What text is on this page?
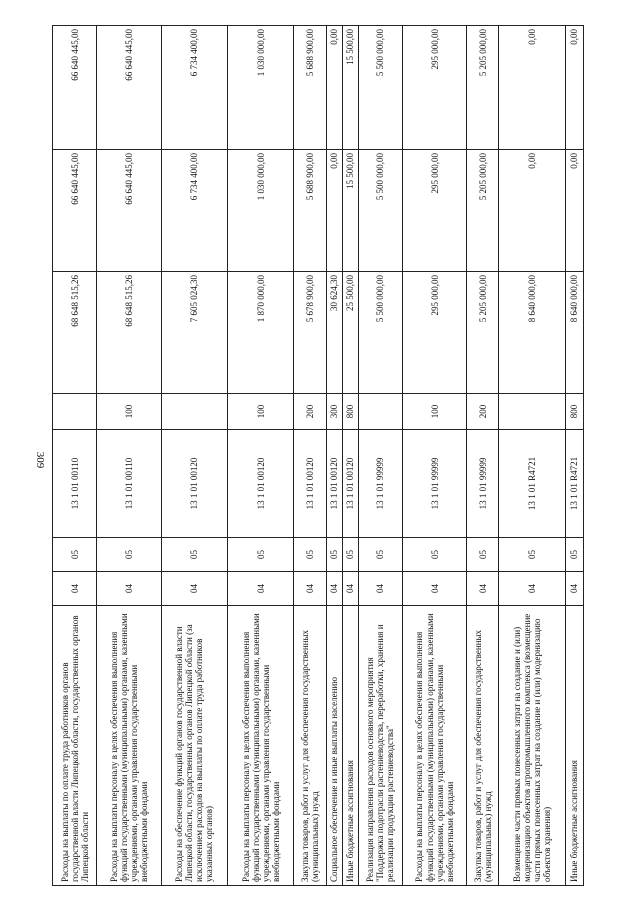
309
Расходы на выплаты по оплате труда работников органов государственной власти Липецкой области, государственных органов Липецкой области	04	05	13 1 01 00110		68 648 515,26	66 640 445,00	66 640 445,00
Расходы на выплаты персоналу в целях обеспечения выполнения функций государственными (муниципальными) органами, казенными учреждениями, органами управления государственными внебюджетными фондами	04	05	13 1 01 00110	100	68 648 515,26	66 640 445,00	66 640 445,00
Расходы на обеспечение функций органов государственной власти Липецкой области, государственных органов Липецкой области (за исключением расходов на выплаты по оплате труда работников указанных органов)	04	05	13 1 01 00120		7 605 024,30	6 734 400,00	6 734 400,00
Расходы на выплаты персоналу в целях обеспечения выполнения функций государственными (муниципальными) органами, казенными учреждениями, органами управления государственными внебюджетными фондами	04	05	13 1 01 00120	100	1 870 000,00	1 030 000,00	1 030 000,00
Закупка товаров, работ и услуг для обеспечения государственных (муниципальных) нужд	04	05	13 1 01 00120	200	5 678 900,00	5 688 900,00	5 688 900,00
Социальное обеспечение и иные выплаты населению	04	05	13 1 01 00120	300	30 624,30	0,00	0,00
Иные бюджетные ассигнования	04	05	13 1 01 00120	800	25 500,00	15 500,00	15 500,00
Реализация направления расходов основного мероприятия "Поддержка подотрасли растениеводства, переработки, хранения и реализации продукции растениеводства"	04	05	13 1 01 99999		5 500 000,00	5 500 000,00	5 500 000,00
Расходы на выплаты персоналу в целях обеспечения выполнения функций государственными (муниципальными) органами, казенными учреждениями, органами управления государственными внебюджетными фондами	04	05	13 1 01 99999	100	295 000,00	295 000,00	295 000,00
Закупка товаров, работ и услуг для обеспечения государственных (муниципальных) нужд	04	05	13 1 01 99999	200	5 205 000,00	5 205 000,00	5 205 000,00
Возмещение части прямых понесенных затрат на создание и (или) модернизацию объектов агропромышленного комплекса (возмещение части прямых понесенных затрат на создание и (или) модернизацию объектов хранения)	04	05	13 1 01 R4721		8 640 000,00	0,00	0,00
Иные бюджетные ассигнования	04	05	13 1 01 R4721	800	8 640 000,00	0,00	0,00
